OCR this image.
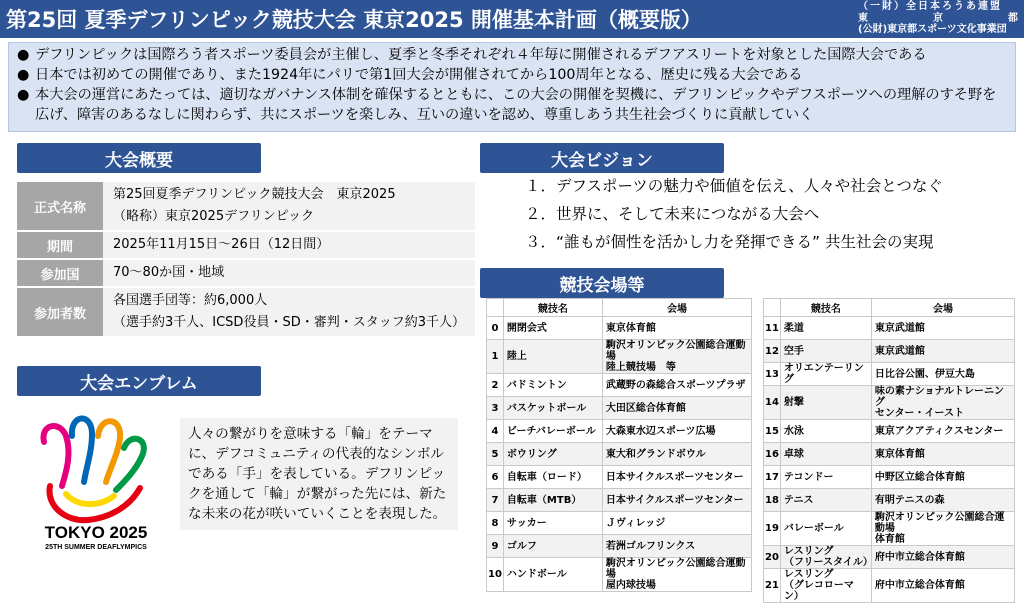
第25回 夏季デフリンピック競技大会 東京2025 開催基本計画（概要版）
（一財）全日本ろうあ連盟
東	京	都
(公財)東京都スポーツ文化事業団
● デフリンピックは国際ろう者スポーツ委員会が主催し、夏季と冬季それぞれ４年毎に開催されるデフアスリートを対象とした国際大会である
● 日本では初めての開催であり、また1924年にパリで第1回大会が開催されてから100周年となる、歴史に残る大会である
● 本大会の運営にあたっては、適切なガバナンス体制を確保するとともに、この大会の開催を契機に、デフリンピックやデフスポーツへの理解のすそ野を広げ、障害のあるなしに関わらず、共にスポーツを楽しみ、互いの違いを認め、尊重しあう共生社会づくりに貢献していく
大会概要
正式名称
第25回夏季デフリンピック競技大会　東京2025
（略称）東京2025デフリンピック
期間	2025年11月15日～26日（12日間）
参加国	70～80か国・地域
参加者数
各国選手団等：約6,000人
（選手約3千人、ICSD役員・SD・審判・スタッフ約3千人）
大会ビジョン
１．デフスポーツの魅力や価値を伝え、人々や社会とつなぐ
２．世界に、そして未来につながる大会へ
３．“誰もが個性を活かし力を発揮できる” 共生社会の実現
大会エンブレム
TOKYO 2025
25TH SUMMER DEAFLYMPICS
人々の繋がりを意味する「輪」をテーマに、デフコミュニティの代表的なシンボルである「手」を表している。デフリンピックを通して「輪」が繋がった先には、新たな未来の花が咲いていくことを表現した。
競技会場等
	競技名	会場
0	開閉会式	東京体育館
1	陸上	駒沢オリンピック公園総合運動場
陸上競技場　等
2	バドミントン	武蔵野の森総合スポーツプラザ
3	バスケットボール	大田区総合体育館
4	ビーチバレーボール	大森東水辺スポーツ広場
5	ボウリング	東大和グランドボウル
6	自転車（ロード）	日本サイクルスポーツセンター
7	自転車（MTB）	日本サイクルスポーツセンター
8	サッカー	Ｊヴィレッジ
9	ゴルフ	若洲ゴルフリンクス
10	ハンドボール	駒沢オリンピック公園総合運動場
屋内球技場
	競技名	会場
11	柔道	東京武道館
12	空手	東京武道館
13	オリエンテーリング	日比谷公園、伊豆大島
14	射撃	味の素ナショナルトレーニング
センター・イースト
15	水泳	東京アクアティクスセンター
16	卓球	東京体育館
17	テコンドー	中野区立総合体育館
18	テニス	有明テニスの森
19	バレーボール	駒沢オリンピック公園総合運動場
体育館
20	レスリング
（フリースタイル）	府中市立総合体育館
21	レスリング
（グレコローマン）	府中市立総合体育館
